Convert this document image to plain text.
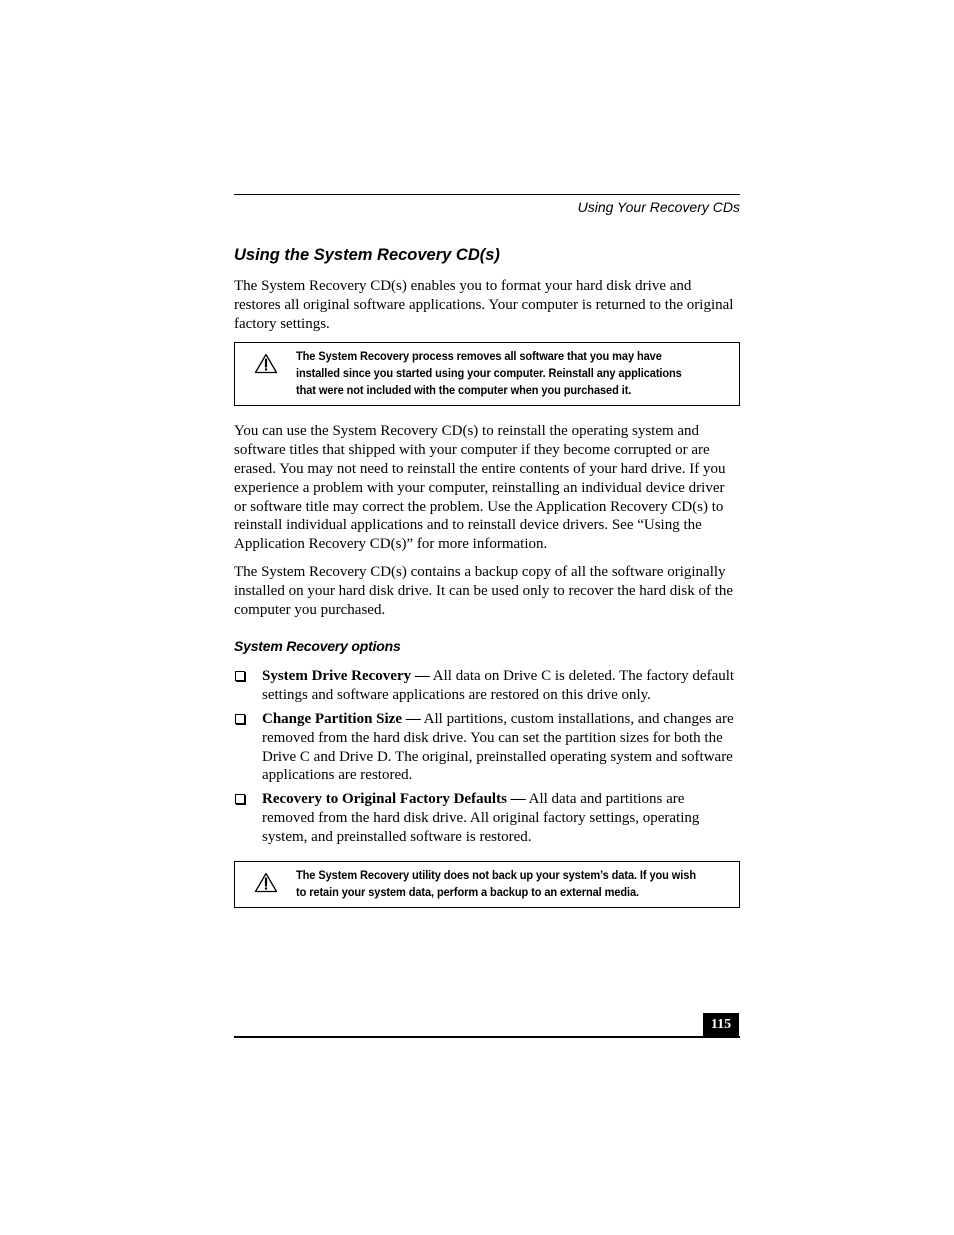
Using Your Recovery CDs
Using the System Recovery CD(s)

The System Recovery CD(s) enables you to format your hard disk drive and restores all original software applications. Your computer is returned to the original factory settings.

The System Recovery process removes all software that you may have installed since you started using your computer. Reinstall any applications that were not included with the computer when you purchased it.

You can use the System Recovery CD(s) to reinstall the operating system and software titles that shipped with your computer if they become corrupted or are erased. You may not need to reinstall the entire contents of your hard drive. If you experience a problem with your computer, reinstalling an individual device driver or software title may correct the problem. Use the Application Recovery CD(s) to reinstall individual applications and to reinstall device drivers. See “Using the Application Recovery CD(s)” for more information.

The System Recovery CD(s) contains a backup copy of all the software originally installed on your hard disk drive. It can be used only to recover the hard disk of the computer you purchased.

System Recovery options
System Drive Recovery — All data on Drive C is deleted. The factory default settings and software applications are restored on this drive only.
Change Partition Size — All partitions, custom installations, and changes are removed from the hard disk drive. You can set the partition sizes for both the Drive C and Drive D. The original, preinstalled operating system and software applications are restored.
Recovery to Original Factory Defaults — All data and partitions are removed from the hard disk drive. All original factory settings, operating system, and preinstalled software is restored.
The System Recovery utility does not back up your system’s data. If you wish to retain your system data, perform a backup to an external media.
115
